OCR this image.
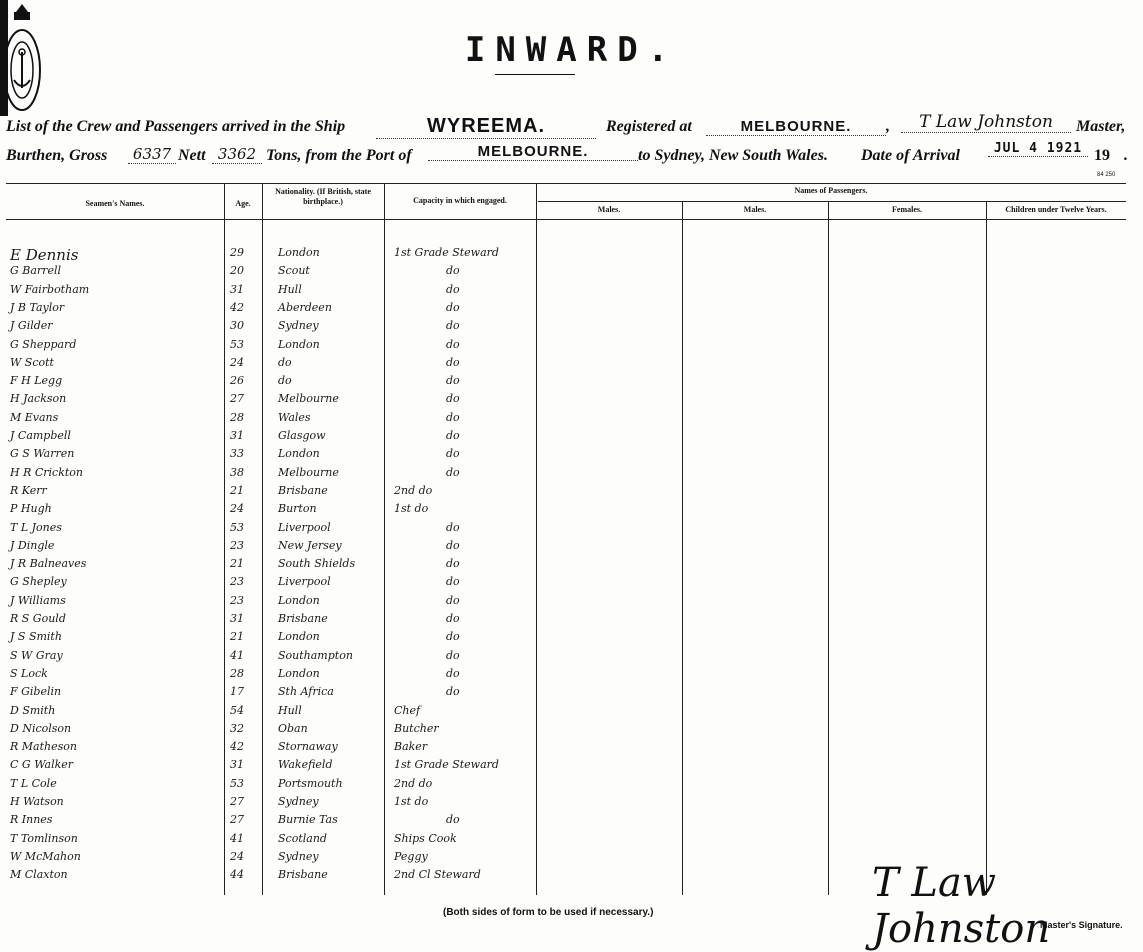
INWARD.
List of the Crew and Passengers arrived in the Ship	WYREEMA.	Registered at	MELBOURNE.	,	T Law Johnston	Master,
Burthen, Gross	6337 Nett 3362 Tons, from the Port of	MELBOURNE.	to Sydney, New South Wales. Date of Arrival	JUL 4 1921 19 .
84 250
Seamen's Names.	Age.
Nationality. (If British, state birthplace.)	Capacity in which engaged.
Names of Passengers.
Males.	Males.	Females.	Children under Twelve Years.
E Dennis	29	London	1st Grade Steward
G Barrell	20	Scout	do
W Fairbotham	31	Hull	do
J B Taylor	42	Aberdeen	do
J Gilder	30	Sydney	do
G Sheppard	53	London	do
W Scott	24	do	do
F H Legg	26	do	do
H Jackson	27	Melbourne	do
M Evans	28	Wales	do
J Campbell	31	Glasgow	do
G S Warren	33	London	do
H R Crickton	38	Melbourne	do
R Kerr	21	Brisbane	2nd do
P Hugh	24	Burton	1st do
T L Jones	53	Liverpool	do
J Dingle	23	New Jersey	do
J R Balneaves	21	South Shields	do
G Shepley	23	Liverpool	do
J Williams	23	London	do
R S Gould	31	Brisbane	do
J S Smith	21	London	do
S W Gray	41	Southampton	do
S Lock	28	London	do
F Gibelin	17	Sth Africa	do
D Smith	54	Hull	Chef
D Nicolson	32	Oban	Butcher
R Matheson	42	Stornaway	Baker
C G Walker	31	Wakefield	1st Grade Steward
T L Cole	53	Portsmouth	2nd do
H Watson	27	Sydney	1st do
R Innes	27	Burnie Tas	do
T Tomlinson	41	Scotland	Ships Cook
W McMahon	24	Sydney	Peggy
M Claxton	44	Brisbane	2nd Cl Steward
(Both sides of form to be used if necessary.)
T Law Johnston
Master's Signature.
